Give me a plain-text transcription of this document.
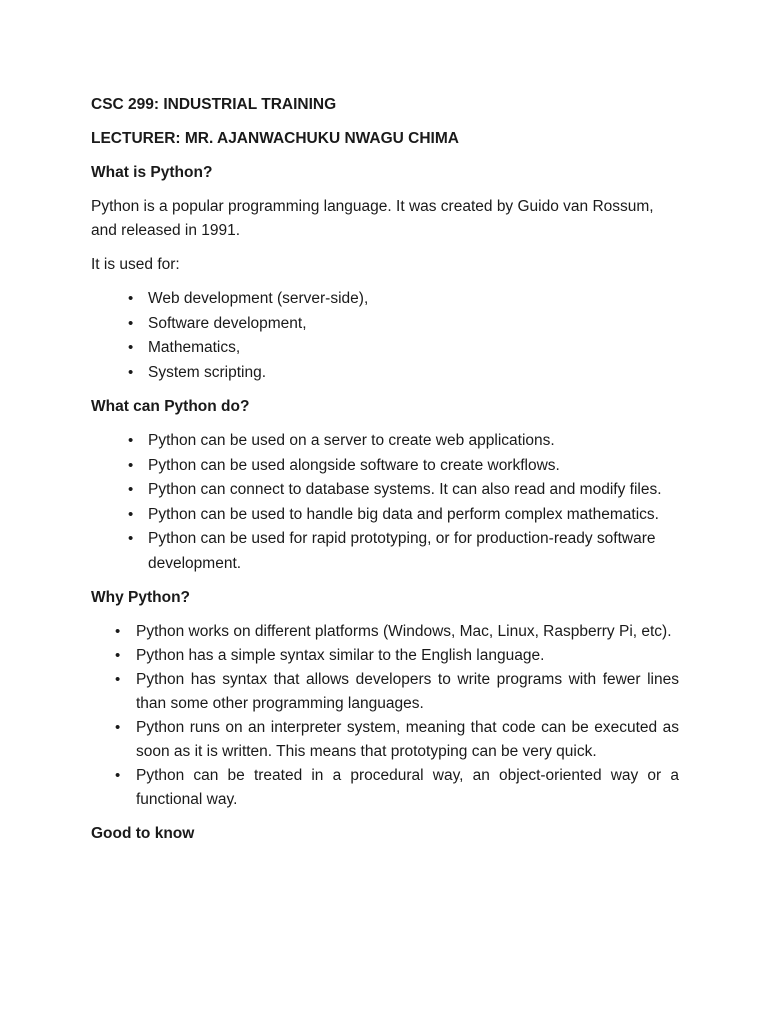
CSC 299: INDUSTRIAL TRAINING

LECTURER: MR. AJANWACHUKU NWAGU CHIMA

What is Python?

Python is a popular programming language. It was created by Guido van Rossum, and released in 1991.

It is used for:

• Web development (server-side),
• Software development,
• Mathematics,
• System scripting.

What can Python do?

• Python can be used on a server to create web applications.
• Python can be used alongside software to create workflows.
• Python can connect to database systems. It can also read and modify files.
• Python can be used to handle big data and perform complex mathematics.
• Python can be used for rapid prototyping, or for production-ready software development.

Why Python?

• Python works on different platforms (Windows, Mac, Linux, Raspberry Pi, etc).
• Python has a simple syntax similar to the English language.
• Python has syntax that allows developers to write programs with fewer lines than some other programming languages.
• Python runs on an interpreter system, meaning that code can be executed as soon as it is written. This means that prototyping can be very quick.
• Python can be treated in a procedural way, an object-oriented way or a functional way.

Good to know
